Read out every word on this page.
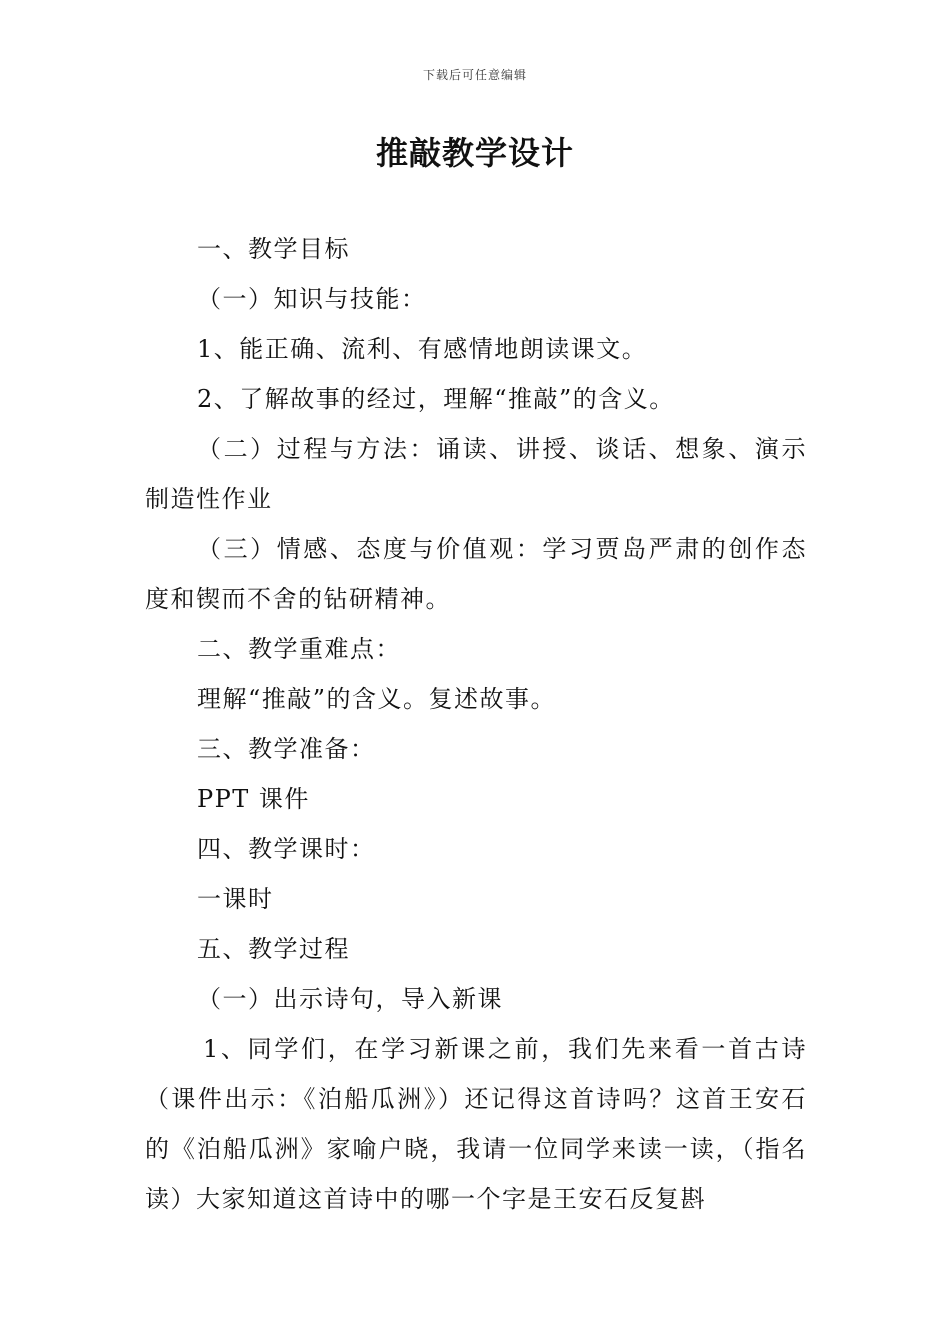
下载后可任意编辑
推敲教学设计

一、教学目标

（一）知识与技能：

1、能正确、流利、有感情地朗读课文。

2、了解故事的经过，理解“推敲”的含义。

（二）过程与方法：诵读、讲授、谈话、想象、演示制造性作业

（三）情感、态度与价值观：学习贾岛严肃的创作态度和锲而不舍的钻研精神。

二、教学重难点：

理解“推敲”的含义。复述故事。

三、教学准备：

PPT 课件

四、教学课时：

一课时

五、教学过程

（一）出示诗句，导入新课

1、同学们，在学习新课之前，我们先来看一首古诗（课件出示：《泊船瓜洲》）还记得这首诗吗？这首王安石的《泊船瓜洲》家喻户晓，我请一位同学来读一读，（指名读）大家知道这首诗中的哪一个字是王安石反复斟
